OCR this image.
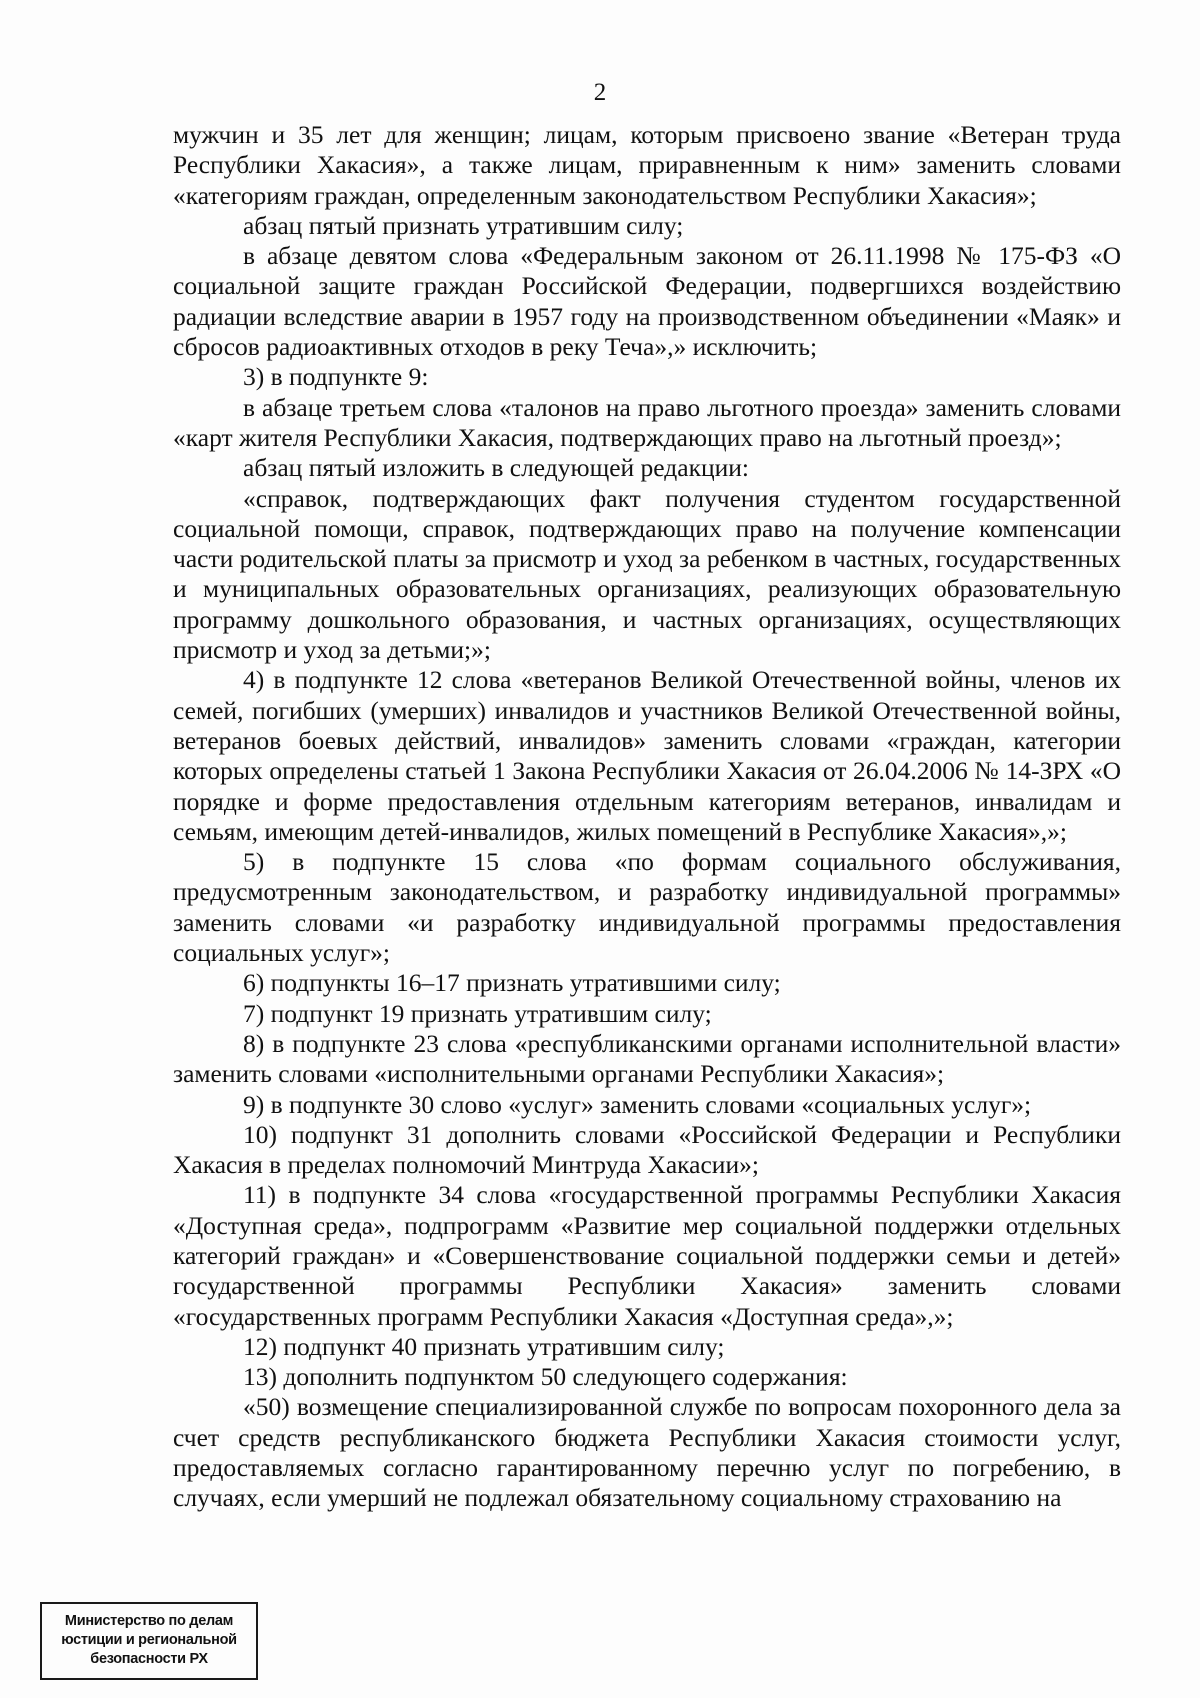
2

мужчин и 35 лет для женщин; лицам, которым присвоено звание «Ветеран труда Республики Хакасия», а также лицам, приравненным к ним» заменить словами «категориям граждан, определенным законодательством Республики Хакасия»;

абзац пятый признать утратившим силу;

в абзаце девятом слова «Федеральным законом от 26.11.1998 № 175-ФЗ «О социальной защите граждан Российской Федерации, подвергшихся воздействию радиации вследствие аварии в 1957 году на производственном объединении «Маяк» и сбросов радиоактивных отходов в реку Теча»,» исключить;

3) в подпункте 9:

в абзаце третьем слова «талонов на право льготного проезда» заменить словами «карт жителя Республики Хакасия, подтверждающих право на льготный проезд»;

абзац пятый изложить в следующей редакции:

«справок, подтверждающих факт получения студентом государственной социальной помощи, справок, подтверждающих право на получение компенсации части родительской платы за присмотр и уход за ребенком в частных, государственных и муниципальных образовательных организациях, реализующих образовательную программу дошкольного образования, и частных организациях, осуществляющих присмотр и уход за детьми;»;

4) в подпункте 12 слова «ветеранов Великой Отечественной войны, членов их семей, погибших (умерших) инвалидов и участников Великой Отечественной войны, ветеранов боевых действий, инвалидов» заменить словами «граждан, категории которых определены статьей 1 Закона Республики Хакасия от 26.04.2006 № 14-ЗРХ «О порядке и форме предоставления отдельным категориям ветеранов, инвалидам и семьям, имеющим детей-инвалидов, жилых помещений в Республике Хакасия»,»;

5) в подпункте 15 слова «по формам социального обслуживания, предусмотренным законодательством, и разработку индивидуальной программы» заменить словами «и разработку индивидуальной программы предоставления социальных услуг»;

6) подпункты 16–17 признать утратившими силу;

7) подпункт 19 признать утратившим силу;

8) в подпункте 23 слова «республиканскими органами исполнительной власти» заменить словами «исполнительными органами Республики Хакасия»;

9) в подпункте 30 слово «услуг» заменить словами «социальных услуг»;

10) подпункт 31 дополнить словами «Российской Федерации и Республики Хакасия в пределах полномочий Минтруда Хакасии»;

11) в подпункте 34 слова «государственной программы Республики Хакасия «Доступная среда», подпрограмм «Развитие мер социальной поддержки отдельных категорий граждан» и «Совершенствование социальной поддержки семьи и детей» государственной программы Республики Хакасия» заменить словами «государственных программ Республики Хакасия «Доступная среда»,»;

12) подпункт 40 признать утратившим силу;

13) дополнить подпунктом 50 следующего содержания:

«50) возмещение специализированной службе по вопросам похоронного дела за счет средств республиканского бюджета Республики Хакасия стоимости услуг, предоставляемых согласно гарантированному перечню услуг по погребению, в случаях, если умерший не подлежал обязательному социальному страхованию на

Министерство по делам
юстиции и региональной
безопасности РХ
